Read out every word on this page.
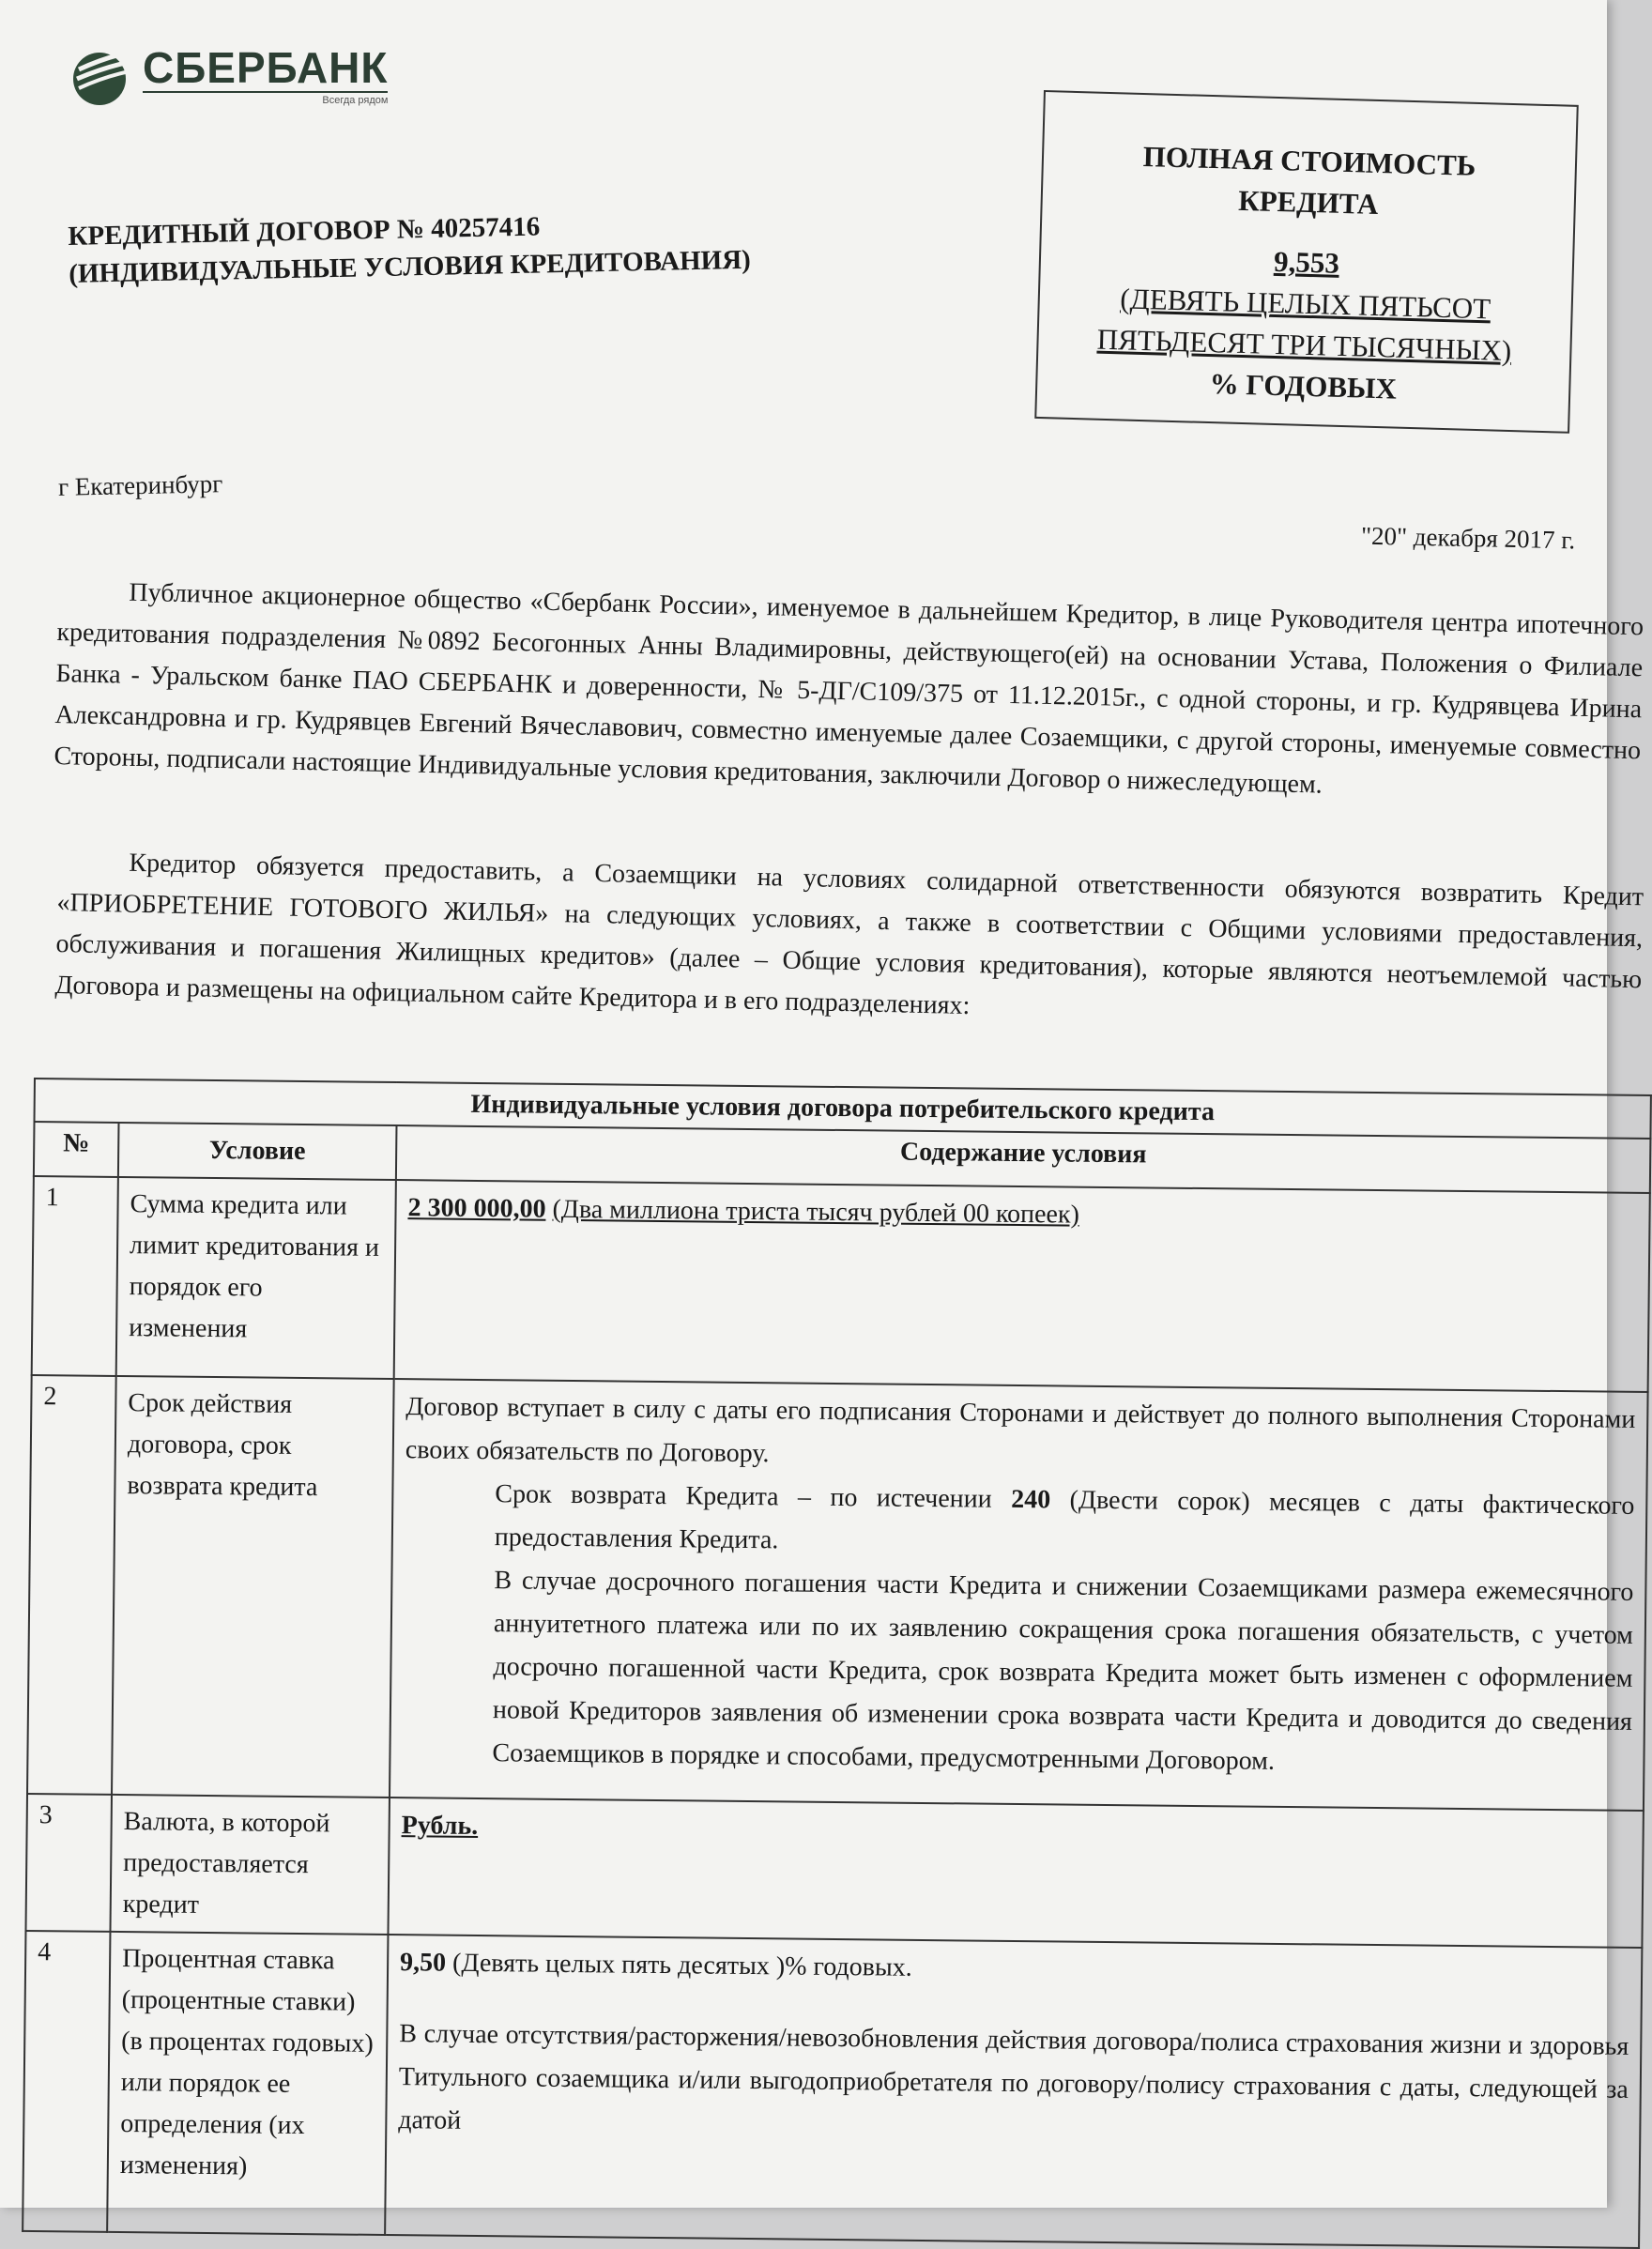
СБЕРБАНК
Всегда рядом
КРЕДИТНЫЙ ДОГОВОР № 40257416
(ИНДИВИДУАЛЬНЫЕ УСЛОВИЯ КРЕДИТОВАНИЯ)
ПОЛНАЯ СТОИМОСТЬ
КРЕДИТА
9,553
(ДЕВЯТЬ ЦЕЛЫХ ПЯТЬСОТ
ПЯТЬДЕСЯТ ТРИ ТЫСЯЧНЫХ)
% ГОДОВЫХ
г Екатеринбург
"20" декабря 2017 г.
Публичное акционерное общество «Сбербанк России», именуемое в дальнейшем Кредитор, в лице Руководителя центра ипотечного кредитования подразделения №0892 Бесогонных Анны Владимировны, действующего(ей) на основании Устава, Положения о Филиале Банка - Уральском банке ПАО СБЕРБАНК и доверенности, № 5-ДГ/С109/375 от 11.12.2015г., с одной стороны, и гр. Кудрявцева Ирина Александровна и гр. Кудрявцев Евгений Вячеславович, совместно именуемые далее Созаемщики, с другой стороны, именуемые совместно Стороны, подписали настоящие Индивидуальные условия кредитования, заключили Договор о нижеследующем.
Кредитор обязуется предоставить, а Созаемщики на условиях солидарной ответственности обязуются возвратить Кредит «ПРИОБРЕТЕНИЕ ГОТОВОГО ЖИЛЬЯ» на следующих условиях, а также в соответствии с Общими условиями предоставления, обслуживания и погашения Жилищных кредитов» (далее – Общие условия кредитования), которые являются неотъемлемой частью Договора и размещены на официальном сайте Кредитора и в его подразделениях:
Индивидуальные условия договора потребительского кредита		
№	Условие	Содержание условия
1	Сумма кредита или лимит кредитования и порядок его изменения	2 300 000,00 (Два миллиона триста тысяч рублей 00 копеек)
2	Срок действия договора, срок возврата кредита	Договор вступает в силу с даты его подписания Сторонами и действует до полного выполнения Сторонами своих обязательств по Договору.
Срок возврата Кредита – по истечении 240 (Двести сорок) месяцев с даты фактического предоставления Кредита.
В случае досрочного погашения части Кредита и снижении Созаемщиками размера ежемесячного аннуитетного платежа или по их заявлению сокращения срока погашения обязательств, с учетом досрочно погашенной части Кредита, срок возврата Кредита может быть изменен с оформлением новой Кредиторов заявления об изменении срока возврата части Кредита и доводится до сведения Созаемщиков в порядке и способами, предусмотренными Договором.

3	Валюта, в которой предоставляется кредит	Рубль.
4	Процентная ставка (процентные ставки) (в процентах годовых) или порядок ее определения (их изменения)	9,50 (Девять целых пять десятых )% годовых.
В случае отсутствия/расторжения/невозобновления действия договора/полиса страхования жизни и здоровья Титульного созаемщика и/или выгодоприобретателя по договору/полису страхования с даты, следующей за датой
